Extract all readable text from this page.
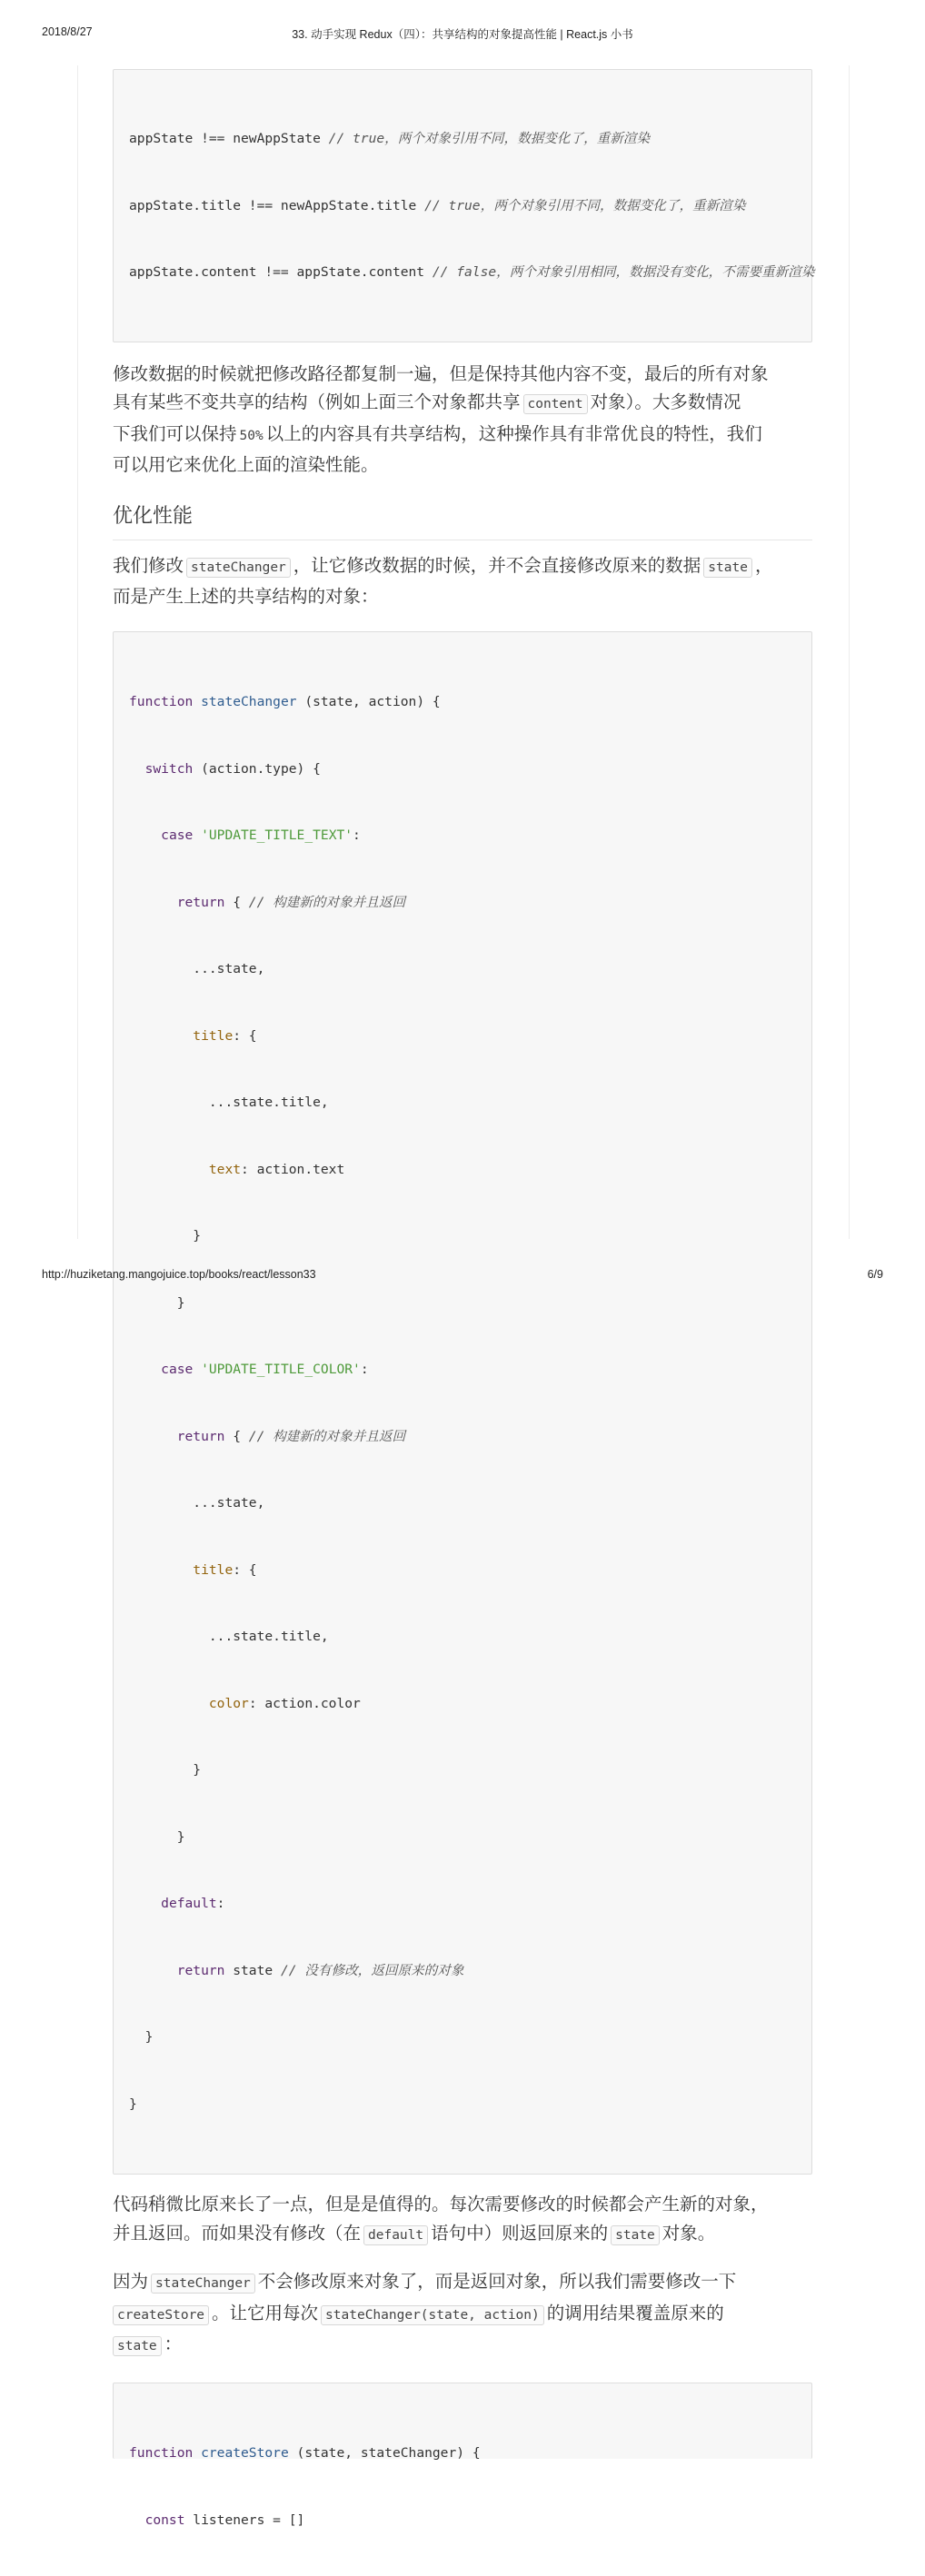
2018/8/27	33. 动手实现 Redux（四）：共享结构的对象提高性能 | React.js 小书

appState !== newAppState // true，两个对象引用不同，数据变化了，重新渲染

appState.title !== newAppState.title // true，两个对象引用不同，数据变化了，重新渲染

appState.content !== appState.content // false，两个对象引用相同，数据没有变化，不需要重新渲染

修改数据的时候就把修改路径都复制一遍，但是保持其他内容不变，最后的所有对象
具有某些不变共享的结构（例如上面三个对象都共享 content 对象）。大多数情况
下我们可以保持 50% 以上的内容具有共享结构，这种操作具有非常优良的特性，我们
可以用它来优化上面的渲染性能。
优化性能
我们修改 stateChanger ，让它修改数据的时候，并不会直接修改原来的数据 state ，
而是产生上述的共享结构的对象：

function stateChanger (state, action) {

switch (action.type) {

case 'UPDATE_TITLE_TEXT':

return { // 构建新的对象并且返回

...state,

title: {

...state.title,

text: action.text

}

}

case 'UPDATE_TITLE_COLOR':

return { // 构建新的对象并且返回

...state,

title: {

...state.title,

color: action.color

}

}

default:

return state // 没有修改，返回原来的对象

}

}

代码稍微比原来长了一点，但是是值得的。每次需要修改的时候都会产生新的对象，
并且返回。而如果没有修改（在 default 语句中）则返回原来的 state 对象。
因为 stateChanger 不会修改原来对象了，而是返回对象，所以我们需要修改一下
createStore 。让它用每次 stateChanger(state, action) 的调用结果覆盖原来的
state ：

function createStore (state, stateChanger) {

const listeners = []

http://huziketang.mangojuice.top/books/react/lesson33	6/9
